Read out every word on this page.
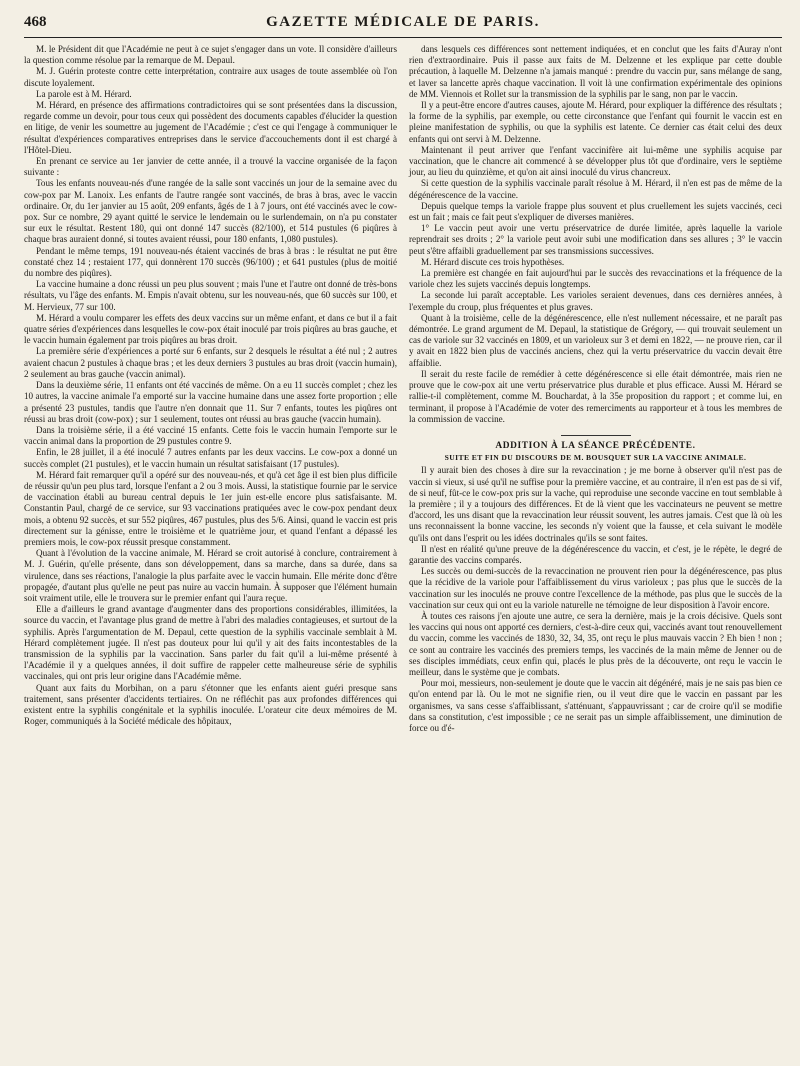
468	GAZETTE MÉDICALE DE PARIS.

M. le Président dit que l'Académie ne peut à ce sujet s'engager dans un vote. Il considère d'ailleurs la question comme résolue par la remarque de M. Depaul.

M. J. Guérin proteste contre cette interprétation, contraire aux usages de toute assemblée où l'on discute loyalement.

La parole est à M. Hérard.

M. Hérard, en présence des affirmations contradictoires qui se sont présentées dans la discussion, regarde comme un devoir, pour tous ceux qui possèdent des documents capables d'élucider la question en litige, de venir les soumettre au jugement de l'Académie ; c'est ce qui l'engage à communiquer le résultat d'expériences comparatives entreprises dans le service d'accouchements dont il est chargé à l'Hôtel-Dieu.

En prenant ce service au 1er janvier de cette année, il a trouvé la vaccine organisée de la façon suivante :

Tous les enfants nouveau-nés d'une rangée de la salle sont vaccinés un jour de la semaine avec du cow-pox par M. Lanoix. Les enfants de l'autre rangée sont vaccinés, de bras à bras, avec le vaccin ordinaire. Or, du 1er janvier au 15 août, 209 enfants, âgés de 1 à 7 jours, ont été vaccinés avec le cow-pox. Sur ce nombre, 29 ayant quitté le service le lendemain ou le surlendemain, on n'a pu constater sur eux le résultat. Restent 180, qui ont donné 147 succès (82/100), et 514 pustules (6 piqûres à chaque bras auraient donné, si toutes avaient réussi, pour 180 enfants, 1,080 pustules).

Pendant le même temps, 191 nouveau-nés étaient vaccinés de bras à bras : le résultat ne put être constaté chez 14 ; restaient 177, qui donnèrent 170 succès (96/100) ; et 641 pustules (plus de moitié du nombre des piqûres).

La vaccine humaine a donc réussi un peu plus souvent ; mais l'une et l'autre ont donné de très-bons résultats, vu l'âge des enfants. M. Empis n'avait obtenu, sur les nouveau-nés, que 60 succès sur 100, et M. Hervieux, 77 sur 100.

M. Hérard a voulu comparer les effets des deux vaccins sur un même enfant, et dans ce but il a fait quatre séries d'expériences dans lesquelles le cow-pox était inoculé par trois piqûres au bras gauche, et le vaccin humain également par trois piqûres au bras droit.

La première série d'expériences a porté sur 6 enfants, sur 2 desquels le résultat a été nul ; 2 autres avaient chacun 2 pustules à chaque bras ; et les deux derniers 3 pustules au bras droit (vaccin humain), 2 seulement au bras gauche (vaccin animal).

Dans la deuxième série, 11 enfants ont été vaccinés de même. On a eu 11 succès complet ; chez les 10 autres, la vaccine animale l'a emporté sur la vaccine humaine dans une assez forte proportion ; elle a présenté 23 pustules, tandis que l'autre n'en donnait que 11. Sur 7 enfants, toutes les piqûres ont réussi au bras droit (cow-pox) ; sur 1 seulement, toutes ont réussi au bras gauche (vaccin humain).

Dans la troisième série, il a été vacciné 15 enfants. Cette fois le vaccin humain l'emporte sur le vaccin animal dans la proportion de 29 pustules contre 9.

Enfin, le 28 juillet, il a été inoculé 7 autres enfants par les deux vaccins. Le cow-pox a donné un succès complet (21 pustules), et le vaccin humain un résultat satisfaisant (17 pustules).

M. Hérard fait remarquer qu'il a opéré sur des nouveau-nés, et qu'à cet âge il est bien plus difficile de réussir qu'un peu plus tard, lorsque l'enfant a 2 ou 3 mois. Aussi, la statistique fournie par le service de vaccination établi au bureau central depuis le 1er juin est-elle encore plus satisfaisante. M. Constantin Paul, chargé de ce service, sur 93 vaccinations pratiquées avec le cow-pox pendant deux mois, a obtenu 92 succès, et sur 552 piqûres, 467 pustules, plus des 5/6. Ainsi, quand le vaccin est pris directement sur la génisse, entre le troisième et le quatrième jour, et quand l'enfant a dépassé les premiers mois, le cow-pox réussit presque constamment.

Quant à l'évolution de la vaccine animale, M. Hérard se croit autorisé à conclure, contrairement à M. J. Guérin, qu'elle présente, dans son développement, dans sa marche, dans sa durée, dans sa virulence, dans ses réactions, l'analogie la plus parfaite avec le vaccin humain. Elle mérite donc d'être propagée, d'autant plus qu'elle ne peut pas nuire au vaccin humain. À supposer que l'élément humain soit vraiment utile, elle le trouvera sur le premier enfant qui l'aura reçue.

Elle a d'ailleurs le grand avantage d'augmenter dans des proportions considérables, illimitées, la source du vaccin, et l'avantage plus grand de mettre à l'abri des maladies contagieuses, et surtout de la syphilis. Après l'argumentation de M. Depaul, cette question de la syphilis vaccinale semblait à M. Hérard complètement jugée. Il n'est pas douteux pour lui qu'il y ait des faits incontestables de la transmission de la syphilis par la vaccination. Sans parler du fait qu'il a lui-même présenté à l'Académie il y a quelques années, il doit suffire de rappeler cette malheureuse série de syphilis vaccinales, qui ont pris leur origine dans l'Académie même.

Quant aux faits du Morbihan, on a paru s'étonner que les enfants aient guéri presque sans traitement, sans présenter d'accidents tertiaires. On ne réfléchit pas aux profondes différences qui existent entre la syphilis congénitale et la syphilis inoculée. L'orateur cite deux mémoires de M. Roger, communiqués à la Société médicale des hôpitaux,

dans lesquels ces différences sont nettement indiquées, et en conclut que les faits d'Auray n'ont rien d'extraordinaire. Puis il passe aux faits de M. Delzenne et les explique par cette double précaution, à laquelle M. Delzenne n'a jamais manqué : prendre du vaccin pur, sans mélange de sang, et laver sa lancette après chaque vaccination. Il voit là une confirmation expérimentale des opinions de MM. Viennois et Rollet sur la transmission de la syphilis par le sang, non par le vaccin.

Il y a peut-être encore d'autres causes, ajoute M. Hérard, pour expliquer la différence des résultats ; la forme de la syphilis, par exemple, ou cette circonstance que l'enfant qui fournit le vaccin est en pleine manifestation de syphilis, ou que la syphilis est latente. Ce dernier cas était celui des deux enfants qui ont servi à M. Delzenne.

Maintenant il peut arriver que l'enfant vaccinifère ait lui-même une syphilis acquise par vaccination, que le chancre ait commencé à se développer plus tôt que d'ordinaire, vers le septième jour, au lieu du quinzième, et qu'on ait ainsi inoculé du virus chancreux.

Si cette question de la syphilis vaccinale paraît résolue à M. Hérard, il n'en est pas de même de la dégénérescence de la vaccine.

Depuis quelque temps la variole frappe plus souvent et plus cruellement les sujets vaccinés, ceci est un fait ; mais ce fait peut s'expliquer de diverses manières.

1° Le vaccin peut avoir une vertu préservatrice de durée limitée, après laquelle la variole reprendrait ses droits ; 2° la variole peut avoir subi une modification dans ses allures ; 3° le vaccin peut s'être affaibli graduellement par ses transmissions successives.

M. Hérard discute ces trois hypothèses.

La première est changée en fait aujourd'hui par le succès des revaccinations et la fréquence de la variole chez les sujets vaccinés depuis longtemps.

La seconde lui paraît acceptable. Les varioles seraient devenues, dans ces dernières années, à l'exemple du croup, plus fréquentes et plus graves.

Quant à la troisième, celle de la dégénérescence, elle n'est nullement nécessaire, et ne paraît pas démontrée. Le grand argument de M. Depaul, la statistique de Grégory, — qui trouvait seulement un cas de variole sur 32 vaccinés en 1809, et un varioleux sur 3 et demi en 1822, — ne prouve rien, car il y avait en 1822 bien plus de vaccinés anciens, chez qui la vertu préservatrice du vaccin devait être affaiblie.

Il serait du reste facile de remédier à cette dégénérescence si elle était démontrée, mais rien ne prouve que le cow-pox ait une vertu préservatrice plus durable et plus efficace. Aussi M. Hérard se rallie-t-il complètement, comme M. Bouchardat, à la 35e proposition du rapport ; et comme lui, en terminant, il propose à l'Académie de voter des remerciments au rapporteur et à tous les membres de la commission de vaccine.

ADDITION À LA SÉANCE PRÉCÉDENTE.

SUITE ET FIN DU DISCOURS DE M. BOUSQUET SUR LA VACCINE ANIMALE.

Il y aurait bien des choses à dire sur la revaccination ; je me borne à observer qu'il n'est pas de vaccin si vieux, si usé qu'il ne suffise pour la première vaccine, et au contraire, il n'en est pas de si vif, de si neuf, fût-ce le cow-pox pris sur la vache, qui reproduise une seconde vaccine en tout semblable à la première ; il y a toujours des différences. Et de là vient que les vaccinateurs ne peuvent se mettre d'accord, les uns disant que la revaccination leur réussit souvent, les autres jamais. C'est que là où les uns reconnaissent la bonne vaccine, les seconds n'y voient que la fausse, et cela suivant le modèle qu'ils ont dans l'esprit ou les idées doctrinales qu'ils se sont faites.

Il n'est en réalité qu'une preuve de la dégénérescence du vaccin, et c'est, je le répète, le degré de garantie des vaccins comparés.

Les succès ou demi-succès de la revaccination ne prouvent rien pour la dégénérescence, pas plus que la récidive de la variole pour l'affaiblissement du virus varioleux ; pas plus que le succès de la vaccination sur les inoculés ne prouve contre l'excellence de la méthode, pas plus que le succès de la vaccination sur ceux qui ont eu la variole naturelle ne témoigne de leur disposition à l'avoir encore.

À toutes ces raisons j'en ajoute une autre, ce sera la dernière, mais je la crois décisive. Quels sont les vaccins qui nous ont apporté ces derniers, c'est-à-dire ceux qui, vaccinés avant tout renouvellement du vaccin, comme les vaccinés de 1830, 32, 34, 35, ont reçu le plus mauvais vaccin ? Eh bien ! non ; ce sont au contraire les vaccinés des premiers temps, les vaccinés de la main même de Jenner ou de ses disciples immédiats, ceux enfin qui, placés le plus près de la découverte, ont reçu le vaccin le meilleur, dans le système que je combats.

Pour moi, messieurs, non-seulement je doute que le vaccin ait dégénéré, mais je ne sais pas bien ce qu'on entend par là. Ou le mot ne signifie rien, ou il veut dire que le vaccin en passant par les organismes, va sans cesse s'affaiblissant, s'atténuant, s'appauvrissant ; car de croire qu'il se modifie dans sa constitution, c'est impossible ; ce ne serait pas un simple affaiblissement, une diminution de force ou d'é-
